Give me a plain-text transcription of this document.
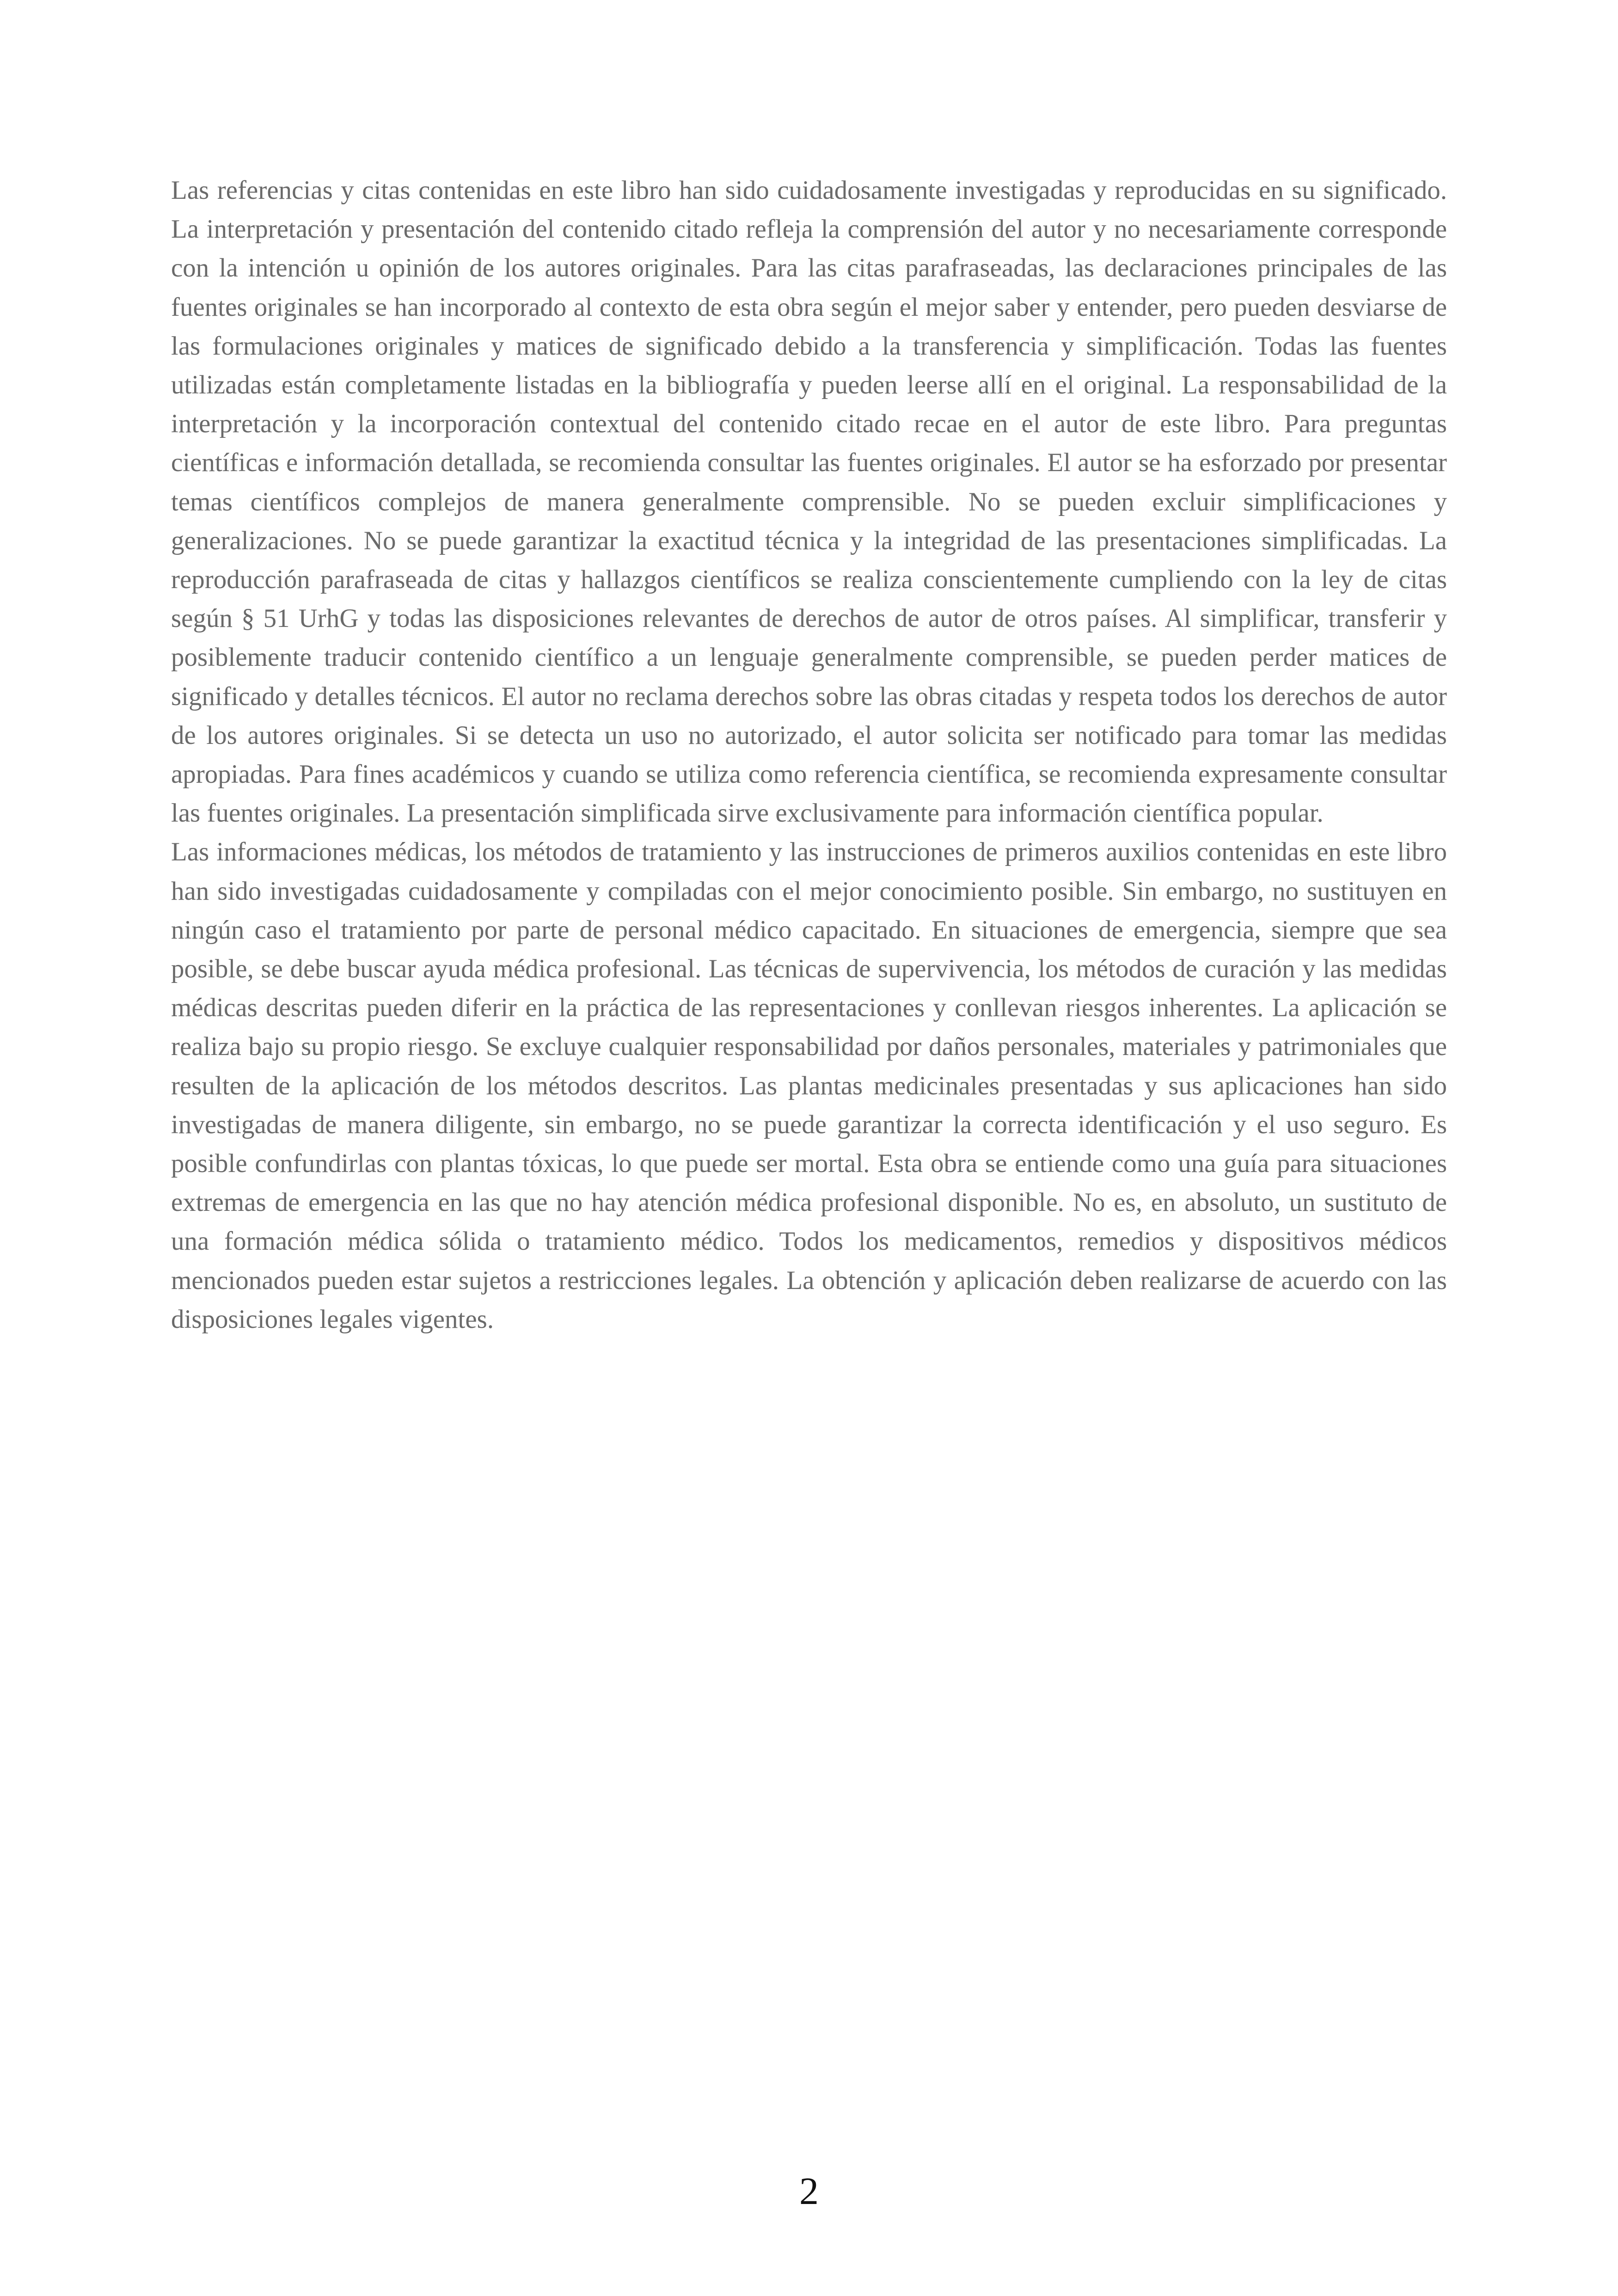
Las referencias y citas contenidas en este libro han sido cuidadosamente investigadas y reproducidas en su significado. La interpretación y presentación del contenido citado refleja la comprensión del autor y no necesariamente corresponde con la intención u opinión de los autores originales. Para las citas parafraseadas, las declaraciones principales de las fuentes originales se han incorporado al contexto de esta obra según el mejor saber y entender, pero pueden desviarse de las formulaciones originales y matices de significado debido a la transferencia y simplificación. Todas las fuentes utilizadas están completamente listadas en la bibliografía y pueden leerse allí en el original. La responsabilidad de la interpretación y la incorporación contextual del contenido citado recae en el autor de este libro. Para preguntas científicas e información detallada, se recomienda consultar las fuentes originales. El autor se ha esforzado por presentar temas científicos complejos de manera generalmente comprensible. No se pueden excluir simplificaciones y generalizaciones. No se puede garantizar la exactitud técnica y la integridad de las presentaciones simplificadas. La reproducción parafraseada de citas y hallazgos científicos se realiza conscientemente cumpliendo con la ley de citas según § 51 UrhG y todas las disposiciones relevantes de derechos de autor de otros países. Al simplificar, transferir y posiblemente traducir contenido científico a un lenguaje generalmente comprensible, se pueden perder matices de significado y detalles técnicos. El autor no reclama derechos sobre las obras citadas y respeta todos los derechos de autor de los autores originales. Si se detecta un uso no autorizado, el autor solicita ser notificado para tomar las medidas apropiadas. Para fines académicos y cuando se utiliza como referencia científica, se recomienda expresamente consultar las fuentes originales. La presentación simplificada sirve exclusivamente para información científica popular.

Las informaciones médicas, los métodos de tratamiento y las instrucciones de primeros auxilios contenidas en este libro han sido investigadas cuidadosamente y compiladas con el mejor conocimiento posible. Sin embargo, no sustituyen en ningún caso el tratamiento por parte de personal médico capacitado. En situaciones de emergencia, siempre que sea posible, se debe buscar ayuda médica profesional. Las técnicas de supervivencia, los métodos de curación y las medidas médicas descritas pueden diferir en la práctica de las representaciones y conllevan riesgos inherentes. La aplicación se realiza bajo su propio riesgo. Se excluye cualquier responsabilidad por daños personales, materiales y patrimoniales que resulten de la aplicación de los métodos descritos. Las plantas medicinales presentadas y sus aplicaciones han sido investigadas de manera diligente, sin embargo, no se puede garantizar la correcta identificación y el uso seguro. Es posible confundirlas con plantas tóxicas, lo que puede ser mortal. Esta obra se entiende como una guía para situaciones extremas de emergencia en las que no hay atención médica profesional disponible. No es, en absoluto, un sustituto de una formación médica sólida o tratamiento médico. Todos los medicamentos, remedios y dispositivos médicos mencionados pueden estar sujetos a restricciones legales. La obtención y aplicación deben realizarse de acuerdo con las disposiciones legales vigentes.

2
